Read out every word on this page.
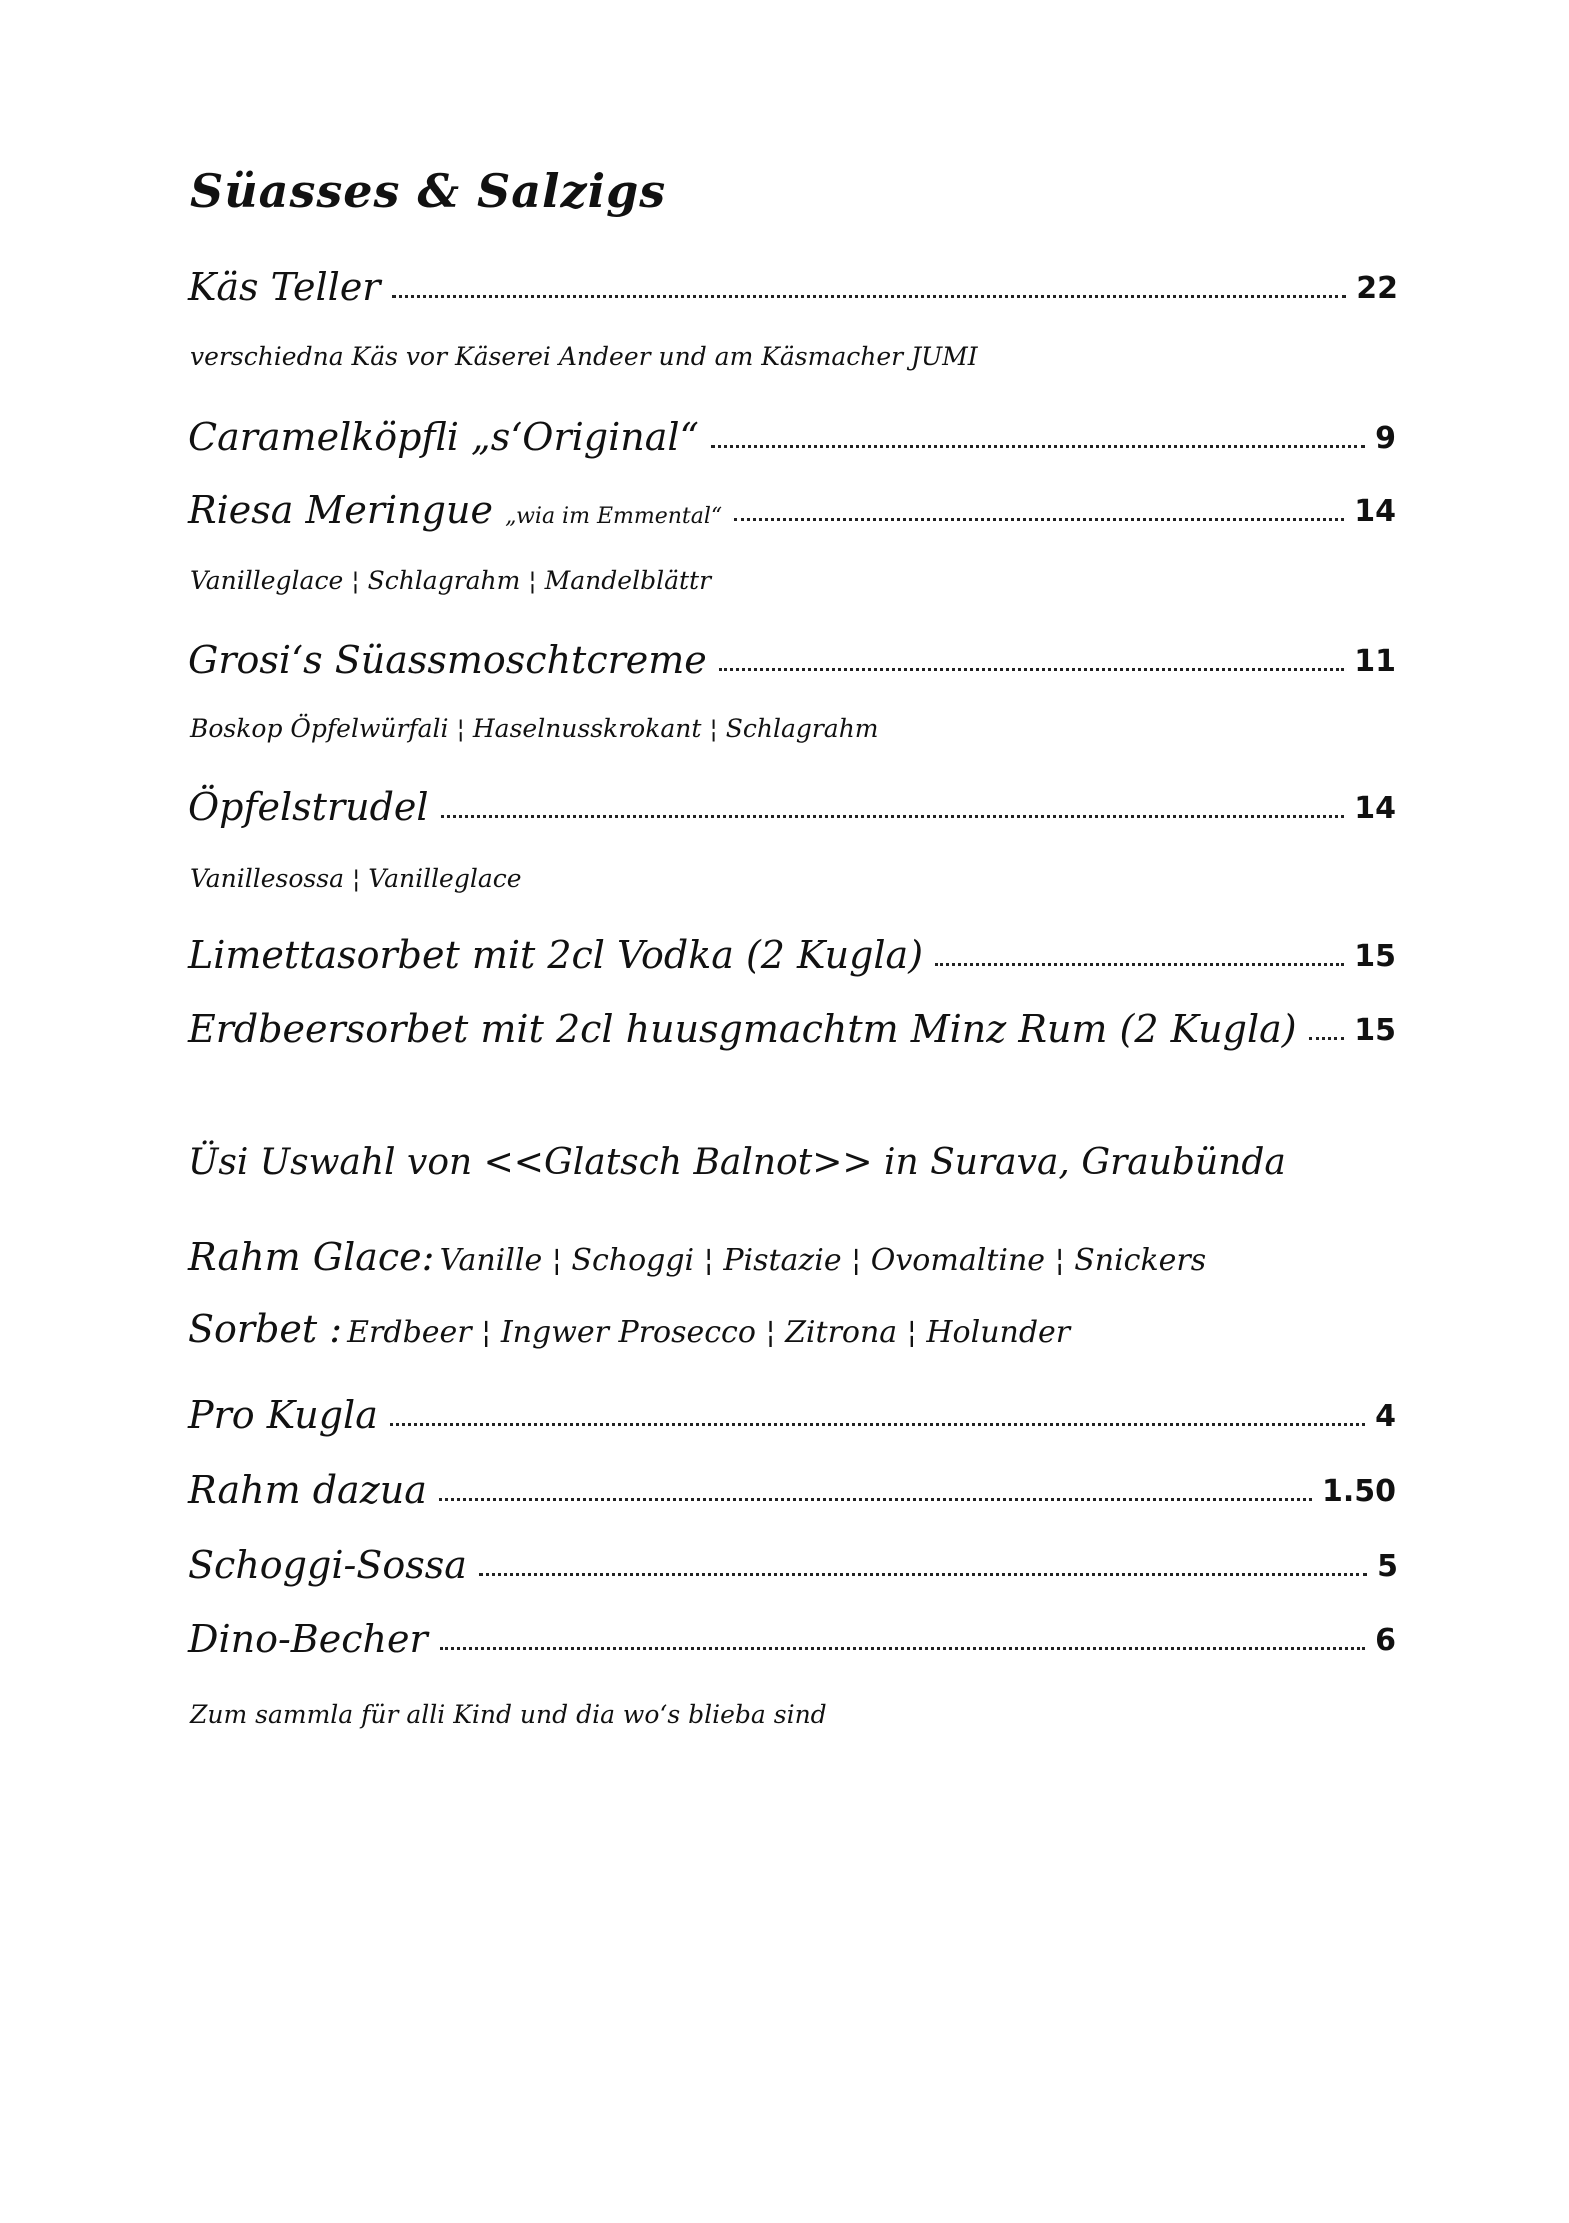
Süasses & Salzigs
Käs Teller	22
verschiedna Käs vor Käserei Andeer und am Käsmacher JUMI
Caramelköpfli „s‘Original“	9
Riesa Meringue „wia im Emmental“	14
Vanilleglace ¦ Schlagrahm ¦ Mandelblättr
Grosi‘s Süassmoschtcreme	11
Boskop Öpfelwürfali ¦ Haselnusskrokant ¦ Schlagrahm
Öpfelstrudel	14
Vanillesossa ¦ Vanilleglace
Limettasorbet mit 2cl Vodka (2 Kugla)	15
Erdbeersorbet mit 2cl huusgmachtm Minz Rum (2 Kugla) 15
Üsi Uswahl von <<Glatsch Balnot>> in Surava, Graubünda
Rahm Glace: Vanille ¦ Schoggi ¦ Pistazie ¦ Ovomaltine ¦ Snickers
Sorbet : Erdbeer ¦ Ingwer Prosecco ¦ Zitrona ¦ Holunder
Pro Kugla	4
Rahm dazua	1.50
Schoggi-Sossa	5
Dino-Becher	6
Zum sammla für alli Kind und dia wo‘s blieba sind
